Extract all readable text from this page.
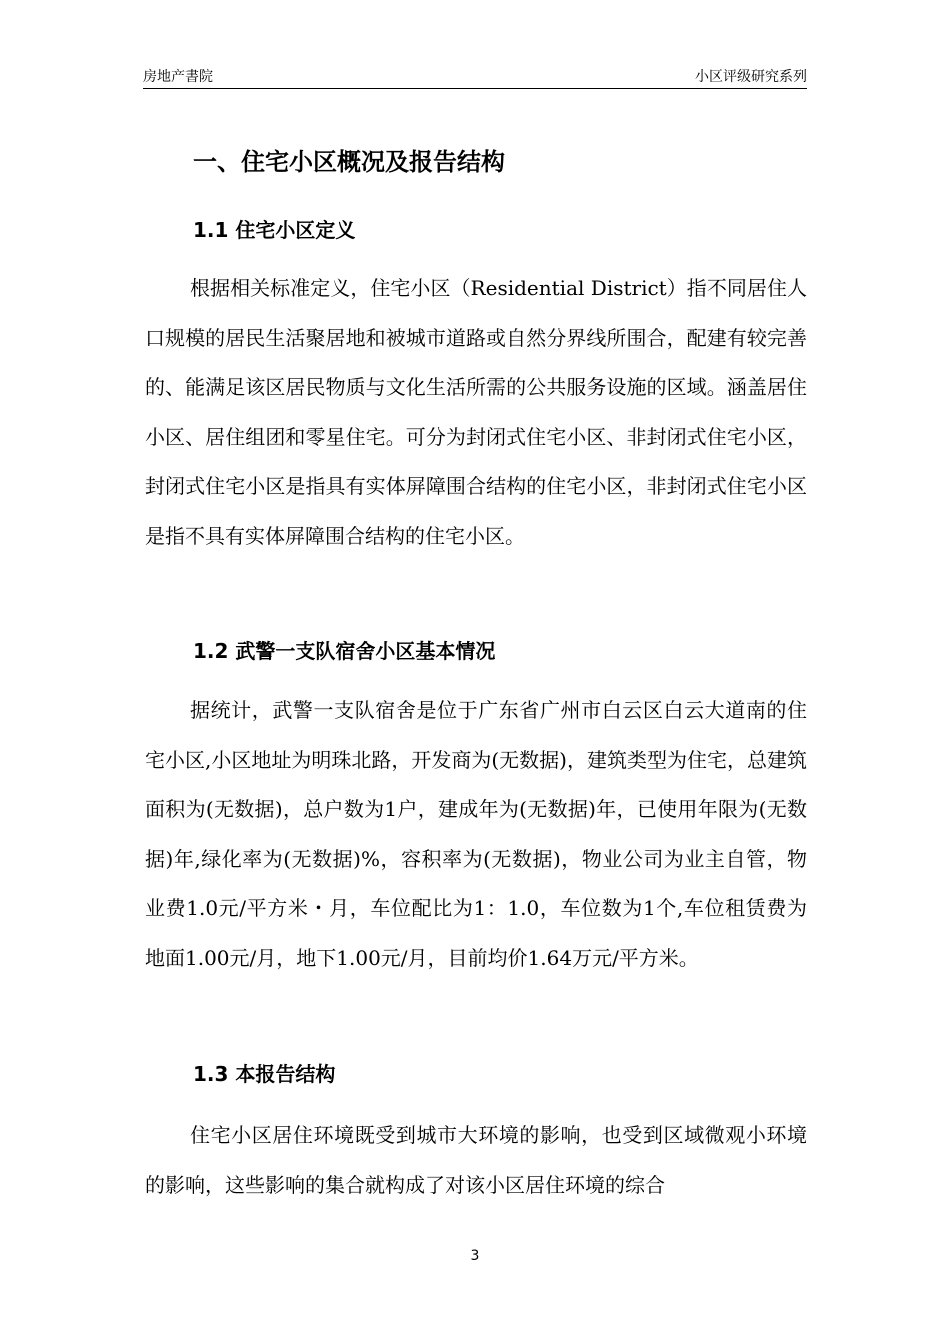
房地产書院	小区评级研究系列
一、住宅小区概况及报告结构
1.1 住宅小区定义
根据相关标准定义，住宅小区（Residential District）指不同居住人口规模的居民生活聚居地和被城市道路或自然分界线所围合，配建有较完善的、能满足该区居民物质与文化生活所需的公共服务设施的区域。涵盖居住小区、居住组团和零星住宅。可分为封闭式住宅小区、非封闭式住宅小区，封闭式住宅小区是指具有实体屏障围合结构的住宅小区，非封闭式住宅小区是指不具有实体屏障围合结构的住宅小区。
1.2 武警一支队宿舍小区基本情况
据统计，武警一支队宿舍是位于广东省广州市白云区白云大道南的住宅小区,小区地址为明珠北路，开发商为(无数据)，建筑类型为住宅，总建筑面积为(无数据)，总户数为1户，建成年为(无数据)年，已使用年限为(无数据)年,绿化率为(无数据)%，容积率为(无数据)，物业公司为业主自管，物业费1.0元/平方米・月，车位配比为1：1.0，车位数为1个,车位租赁费为地面1.00元/月，地下1.00元/月，目前均价1.64万元/平方米。
1.3 本报告结构
住宅小区居住环境既受到城市大环境的影响，也受到区域微观小环境的影响，这些影响的集合就构成了对该小区居住环境的综合
3
